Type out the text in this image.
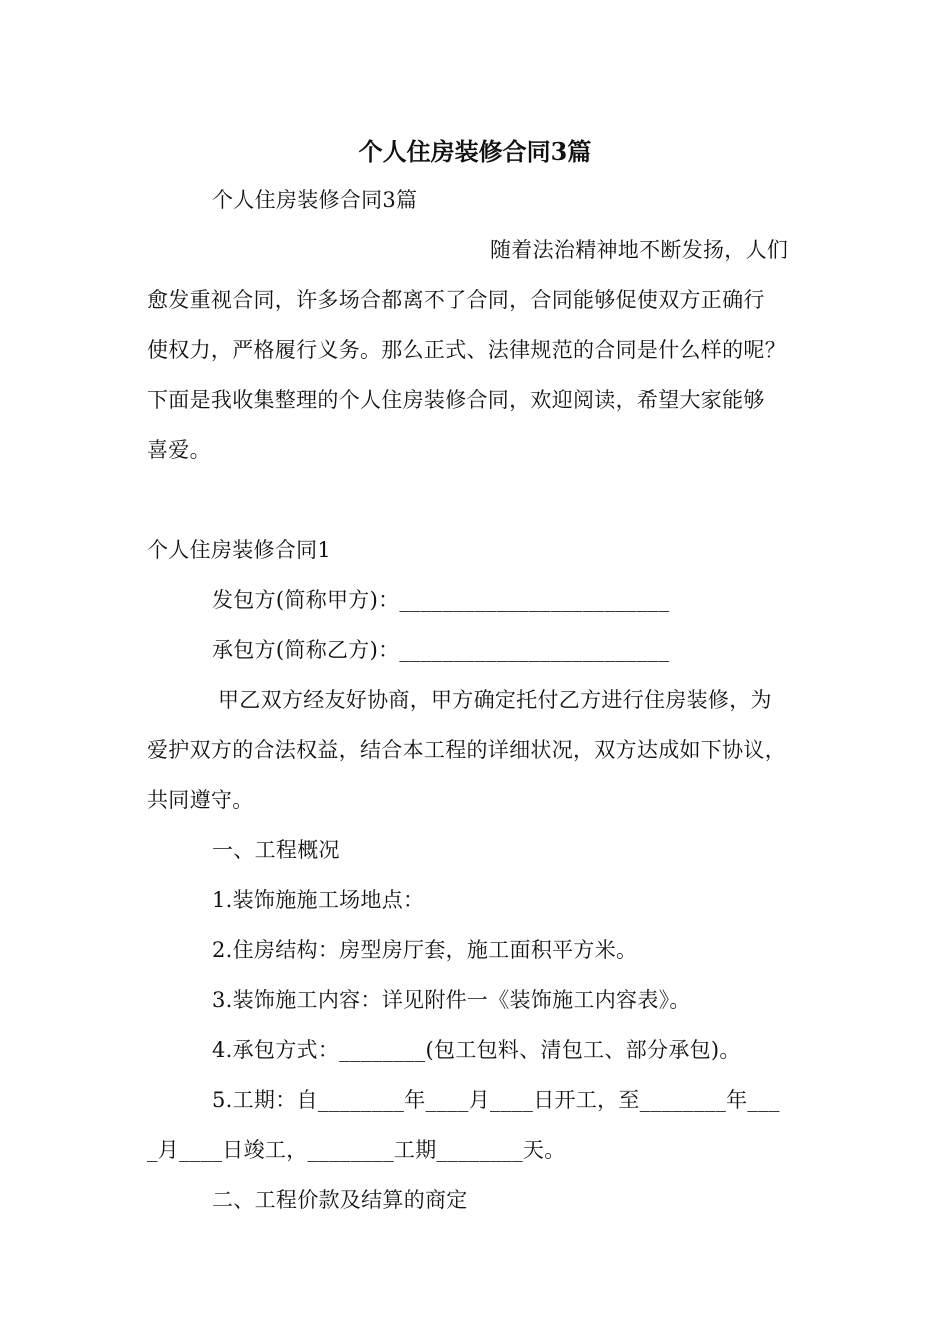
个人住房装修合同3篇
个人住房装修合同3篇
随着法治精神地不断发扬，人们
愈发重视合同，许多场合都离不了合同，合同能够促使双方正确行
使权力，严格履行义务。那么正式、法律规范的合同是什么样的呢？
下面是我收集整理的个人住房装修合同，欢迎阅读，希望大家能够
喜爱。
个人住房装修合同1
发包方(简称甲方)：_________________________
承包方(简称乙方)：_________________________
甲乙双方经友好协商，甲方确定托付乙方进行住房装修，为
爱护双方的合法权益，结合本工程的详细状况，双方达成如下协议，
共同遵守。
一、工程概况
1.装饰施施工场地点：
2.住房结构：房型房厅套，施工面积平方米。
3.装饰施工内容：详见附件一《装饰施工内容表》。
4.承包方式：________(包工包料、清包工、部分承包)。
5.工期：自________年____月____日开工，至________年___
_月____日竣工，________工期________天。
二、工程价款及结算的商定
